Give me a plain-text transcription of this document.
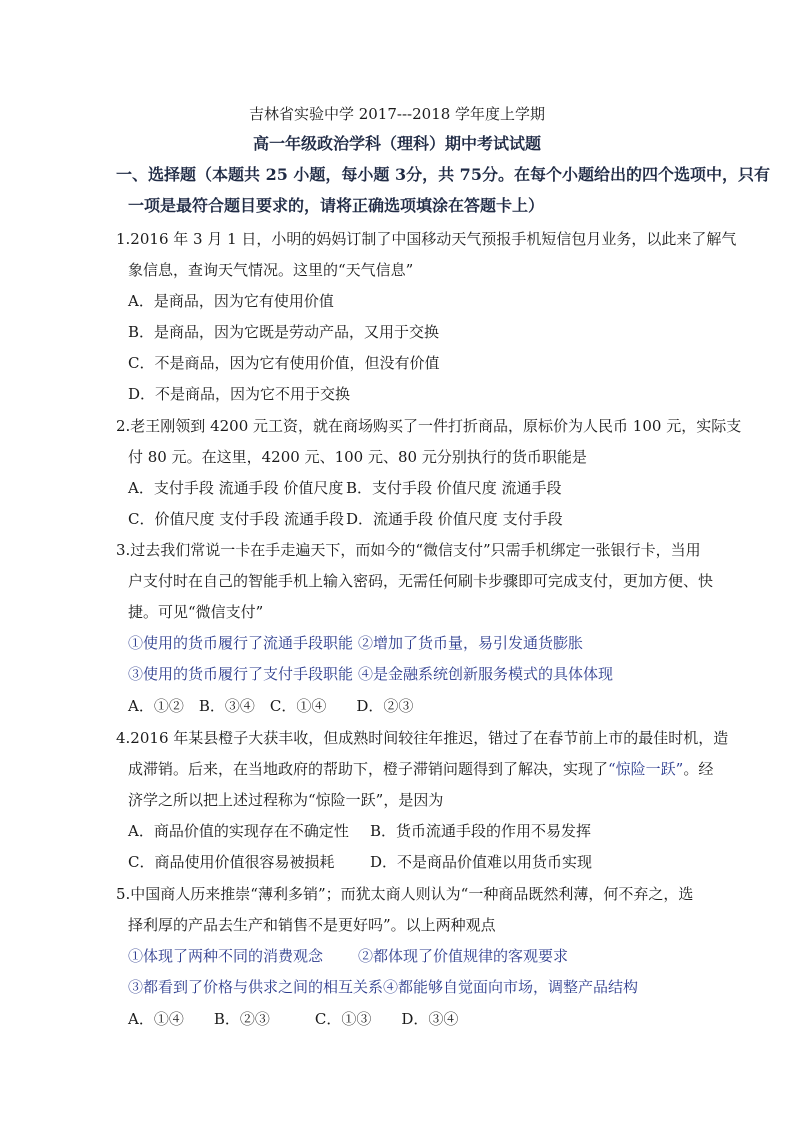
吉林省实验中学 2017---2018 学年度上学期
高一年级政治学科（理科）期中考试试题
一、选择题（本题共 25 小题，每小题 3分，共 75分。在每个小题给出的四个选项中，只有
一项是最符合题目要求的，请将正确选项填涂在答题卡上）
1.2016 年 3 月 1 日，小明的妈妈订制了中国移动天气预报手机短信包月业务，以此来了解气
象信息，查询天气情况。这里的“天气信息”
A．是商品，因为它有使用价值
B．是商品，因为它既是劳动产品，又用于交换
C．不是商品，因为它有使用价值，但没有价值
D．不是商品，因为它不用于交换
2.老王刚领到 4200 元工资，就在商场购买了一件打折商品，原标价为人民币 100 元，实际支
付 80 元。在这里，4200 元、100 元、80 元分别执行的货币职能是
A．支付手段 流通手段 价值尺度 B．支付手段 价值尺度 流通手段
C．价值尺度 支付手段 流通手段 D．流通手段 价值尺度 支付手段
3.过去我们常说一卡在手走遍天下，而如今的“微信支付”只需手机绑定一张银行卡，当用
户支付时在自己的智能手机上输入密码，无需任何刷卡步骤即可完成支付，更加方便、快
捷。可见“微信支付”
①使用的货币履行了流通手段职能 ②增加了货币量，易引发通货膨胀
③使用的货币履行了支付手段职能 ④是金融系统创新服务模式的具体体现
A．①②　B．③④　C．①④　　D．②③
4.2016 年某县橙子大获丰收，但成熟时间较往年推迟，错过了在春节前上市的最佳时机，造
成滞销。后来，在当地政府的帮助下，橙子滞销问题得到了解决，实现了“惊险一跃”。经
济学之所以把上述过程称为“惊险一跃”，是因为
A．商品价值的实现存在不确定性 B．货币流通手段的作用不易发挥
C．商品使用价值很容易被损耗 D．不是商品价值难以用货币实现
5.中国商人历来推崇“薄利多销”；而犹太商人则认为“一种商品既然利薄，何不弃之，选
择利厚的产品去生产和销售不是更好吗”。以上两种观点
①体现了两种不同的消费观念 ②都体现了价值规律的客观要求
③都看到了价格与供求之间的相互关系④都能够自觉面向市场，调整产品结构
A．①④　　B．②③　　　C．①③　　D．③④
